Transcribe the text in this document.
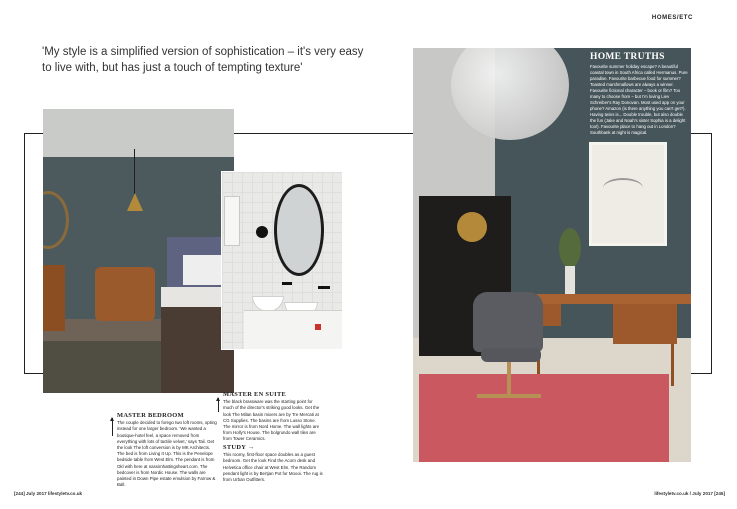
HOMES/ETC
'My style is a simplified version of sophistication – it's very easy to live with, but has just a touch of tempting texture'
HOME TRUTHS

Favourite summer holiday escape? A beautiful coastal town in South Africa called Hermanus. Pure paradise. Favourite barbecue food for summer? Toasted marshmallows are always a winner. Favourite fictional character – book or film? Too many to choose from – but I'm loving Liev Schreiber's Ray Donovan. Most used app on your phone? Amazon (is there anything you can't get?). Having twins is... Double trouble, but also double the fun (Jake and Noah's sister Sophia is a delight too!). Favourite place to hang out in London? Southbank at night is magical.

MASTER BEDROOM
The couple decided to forego two loft rooms, opting instead for one larger bedroom. 'We wanted a boutique-hotel feel, a space removed from everything with lots of tactile velvet,' says Tali. Get the look The loft conversion is by MK Architects. The bed is from Living It Up. This is the Penelope bedside table from West Elm. The pendant is from Okl with here at nassimhattingsheart.com. The bedcover is from Nordic House. The walls are painted in Down Pipe estate emulsion by Farrow & Ball.
MASTER EN SUITE
The black brassware was the starting point for much of the director's striking good looks. Get the look The Milan basin mixers are by Tre Mercati at CG Supplies. The basins are from Lusso Stone. The mirror is from Nord Home. The wall lights are from Holly's House. The bolgrundo wall tiles are from Tower Ceramics.
STUDY →
This roomy, first-floor space doubles as a guest bedroom. Get the look Find the Acorn desk and Helvetica office chair at West Elm. The Random pendant light is by Bertjan Pot for Moooi. The rug is from Urban Outfitters.
[244] July 2017 lifestyletv.co.uk	lifestyletv.co.uk / July 2017 [245]
